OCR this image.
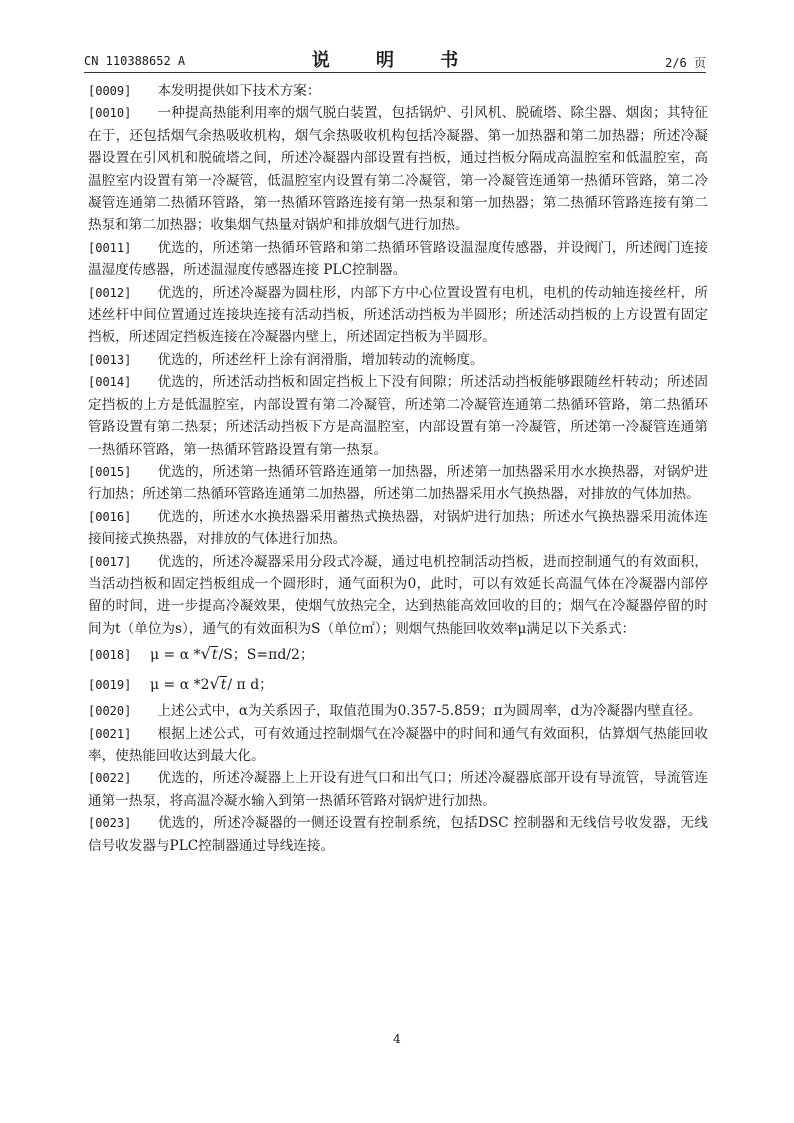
CN 110388652 A	说 明 书	2/6 页
[0009] 本发明提供如下技术方案：
[0010] 一种提高热能利用率的烟气脱白装置，包括锅炉、引风机、脱硫塔、除尘器、烟囱；其特征在于，还包括烟气余热吸收机构，烟气余热吸收机构包括冷凝器、第一加热器和第二加热器；所述冷凝器设置在引风机和脱硫塔之间，所述冷凝器内部设置有挡板，通过挡板分隔成高温腔室和低温腔室，高温腔室内设置有第一冷凝管，低温腔室内设置有第二冷凝管，第一冷凝管连通第一热循环管路，第二冷凝管连通第二热循环管路，第一热循环管路连接有第一热泵和第一加热器；第二热循环管路连接有第二热泵和第二加热器；收集烟气热量对锅炉和排放烟气进行加热。
[0011] 优选的，所述第一热循环管路和第二热循环管路设温湿度传感器，并设阀门，所述阀门连接温湿度传感器，所述温湿度传感器连接 PLC控制器。
[0012] 优选的，所述冷凝器为圆柱形，内部下方中心位置设置有电机，电机的传动轴连接丝杆，所述丝杆中间位置通过连接块连接有活动挡板，所述活动挡板为半圆形；所述活动挡板的上方设置有固定挡板，所述固定挡板连接在冷凝器内壁上，所述固定挡板为半圆形。
[0013] 优选的，所述丝杆上涂有润滑脂，增加转动的流畅度。
[0014] 优选的，所述活动挡板和固定挡板上下没有间隙；所述活动挡板能够跟随丝杆转动；所述固定挡板的上方是低温腔室，内部设置有第二冷凝管，所述第二冷凝管连通第二热循环管路，第二热循环管路设置有第二热泵；所述活动挡板下方是高温腔室，内部设置有第一冷凝管，所述第一冷凝管连通第一热循环管路，第一热循环管路设置有第一热泵。
[0015] 优选的，所述第一热循环管路连通第一加热器，所述第一加热器采用水水换热器，对锅炉进行加热；所述第二热循环管路连通第二加热器，所述第二加热器采用水气换热器，对排放的气体加热。
[0016] 优选的，所述水水换热器采用蓄热式换热器，对锅炉进行加热；所述水气换热器采用流体连接间接式换热器，对排放的气体进行加热。
[0017] 优选的，所述冷凝器采用分段式冷凝，通过电机控制活动挡板，进而控制通气的有效面积，当活动挡板和固定挡板组成一个圆形时，通气面积为0，此时，可以有效延长高温气体在冷凝器内部停留的时间，进一步提高冷凝效果，使烟气放热完全，达到热能高效回收的目的；烟气在冷凝器停留的时间为t（单位为s），通气的有效面积为S（单位㎡）；则烟气热能回收效率μ满足以下关系式：
[0018] μ = α *√t/S；S=πd/2；
[0019] μ = α *2√t/ π d；
[0020] 上述公式中，α为关系因子，取值范围为0.357-5.859；π为圆周率，d为冷凝器内壁直径。
[0021] 根据上述公式，可有效通过控制烟气在冷凝器中的时间和通气有效面积，估算烟气热能回收率，使热能回收达到最大化。
[0022] 优选的，所述冷凝器上上开设有进气口和出气口；所述冷凝器底部开设有导流管，导流管连通第一热泵，将高温冷凝水输入到第一热循环管路对锅炉进行加热。
[0023] 优选的，所述冷凝器的一侧还设置有控制系统，包括DSC 控制器和无线信号收发器，无线信号收发器与PLC控制器通过导线连接。
4
